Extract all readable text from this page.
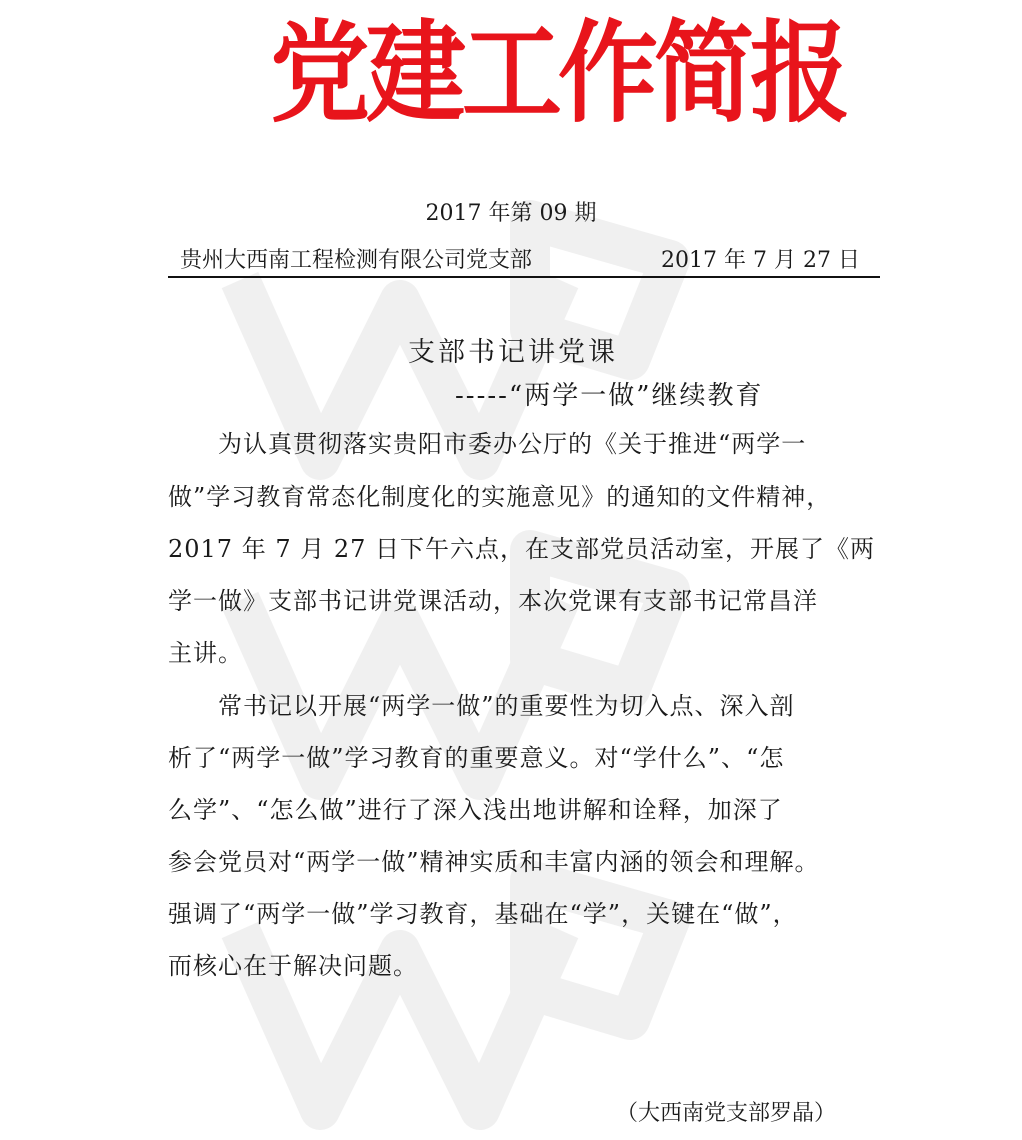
党建工作简报
2017 年第 09 期
贵州大西南工程检测有限公司党支部	2017 年 7 月 27 日
支部书记讲党课
-----“两学一做”继续教育
为认真贯彻落实贵阳市委办公厅的《关于推进“两学一
做”学习教育常态化制度化的实施意见》的通知的文件精神，
2017 年 7 月 27 日下午六点，在支部党员活动室，开展了《两
学一做》支部书记讲党课活动，本次党课有支部书记常昌洋
主讲。
常书记以开展“两学一做”的重要性为切入点、深入剖
析了“两学一做”学习教育的重要意义。对“学什么”、“怎
么学”、“怎么做”进行了深入浅出地讲解和诠释，加深了
参会党员对“两学一做”精神实质和丰富内涵的领会和理解。
强调了“两学一做”学习教育，基础在“学”，关键在“做”，
而核心在于解决问题。
（大西南党支部罗晶）
